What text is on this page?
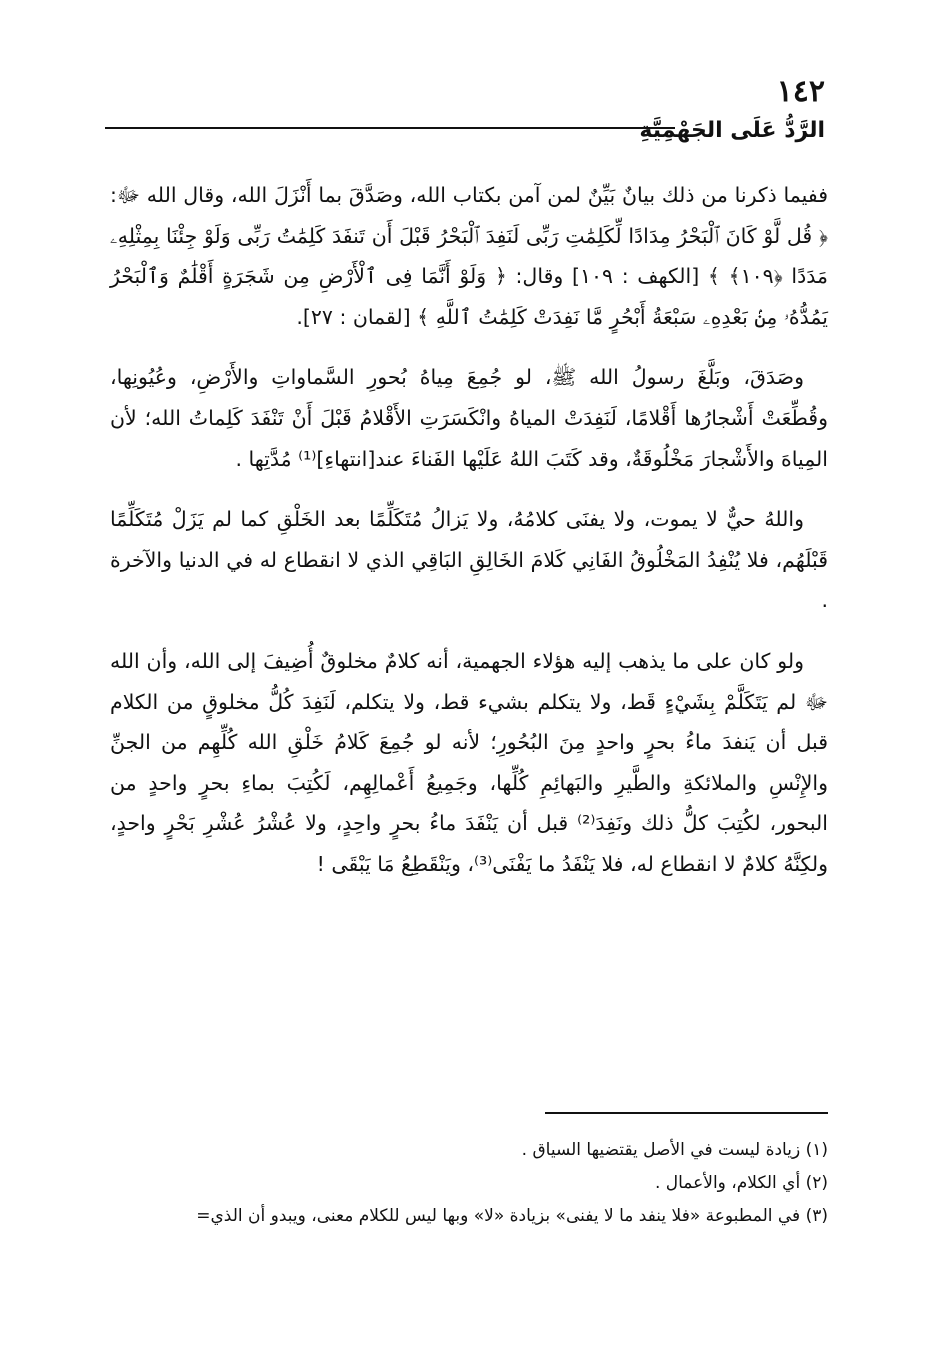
١٤٢
الرَّدُّ عَلَى الجَهْمِيَّةِ

ففيما ذكرنا من ذلك بيانٌ بَيِّنٌ لمن آمن بكتاب الله، وصَدَّقَ بما أَنْزَلَ الله، وقال الله ﷻ: ﴿ قُل لَّوْ كَانَ ٱلْبَحْرُ مِدَادًا لِّكَلِمَٰتِ رَبِّى لَنَفِدَ ٱلْبَحْرُ قَبْلَ أَن تَنفَدَ كَلِمَٰتُ رَبِّى وَلَوْ جِئْنَا بِمِثْلِهِۦ مَدَدًا ﴿١٠٩﴾ ﴾ [الكهف : ١٠٩] وقال: ﴿ وَلَوْ أَنَّمَا فِى ٱلْأَرْضِ مِن شَجَرَةٍ أَقْلَٰمٌ وَٱلْبَحْرُ يَمُدُّهُۥ مِنۢ بَعْدِهِۦ سَبْعَةُ أَبْحُرٍ مَّا نَفِدَتْ كَلِمَٰتُ ٱللَّهِ ﴾ [لقمان : ٢٧].

وصَدَقَ، وبَلَّغَ رسولُ الله ﷺ، لو جُمِعَ مِياهُ بُحورِ السَّماواتِ والأَرْضِ، وعُيُونِها، وقُطِّعَتْ أَشْجارُها أَقْلامًا، لَنَفِدَتْ المياهُ وانْكَسَرَتِ الأَقْلامُ قَبْلَ أَنْ تَنْفَدَ كَلِماتُ الله؛ لأن المِياهَ والأَشْجارَ مَخْلُوقَةٌ، وقد كَتَبَ اللهُ عَلَيْها الفَناءَ عند[انتهاءِ]⁽¹⁾ مُدَّتِها .

واللهُ حيٌّ لا يموت، ولا يفنَى كلامُهُ، ولا يَزالُ مُتَكَلِّمًا بعد الخَلْقِ كما لم يَزَلْ مُتَكَلِّمًا قَبْلَهُم، فلا يُنْفِدُ المَخْلُوقُ الفَانِي كَلامَ الخَالِقِ البَاقِي الذي لا انقطاع له في الدنيا والآخرة .

ولو كان على ما يذهب إليه هؤلاء الجهمية، أنه كلامٌ مخلوقٌ أُضِيفَ إلى الله، وأن الله ﷻ لم يَتَكَلَّمْ بِشَيْءٍ قَط، ولا يتكلم بشيء قط، ولا يتكلم، لَنَفِدَ كُلُّ مخلوقٍ من الكلام قبل أن يَنفدَ ماءُ بحرٍ واحدٍ مِنَ البُحُورِ؛ لأنه لو جُمِعَ كَلامُ خَلْقِ الله كُلِّهِم من الجنِّ والإِنْسِ والملائكةِ والطَّيرِ والبَهائِمِ كُلِّها، وجَمِيعُ أَعْمالِهِم، لَكُتِبَ بماءِ بحرٍ واحدٍ من البحور، لكُتِبَ كلُّ ذلك ونَفِدَ⁽²⁾ قبل أن يَنْفَدَ ماءُ بحرٍ واحِدٍ، ولا عُشْرُ عُشْرِ بَحْرٍ واحدٍ، ولكِنَّهُ كلامٌ لا انقطاع له، فلا يَنْفَدُ ما يَفْنَى⁽³⁾، ويَنْقَطِعُ مَا يَبْقَى !

(١) زيادة ليست في الأصل يقتضيها السياق .

(٢) أي الكلام، والأعمال .

(٣) في المطبوعة «فلا ينفد ما لا يفنى» بزيادة «لا» وبها ليس للكلام معنى، ويبدو أن الذي=
